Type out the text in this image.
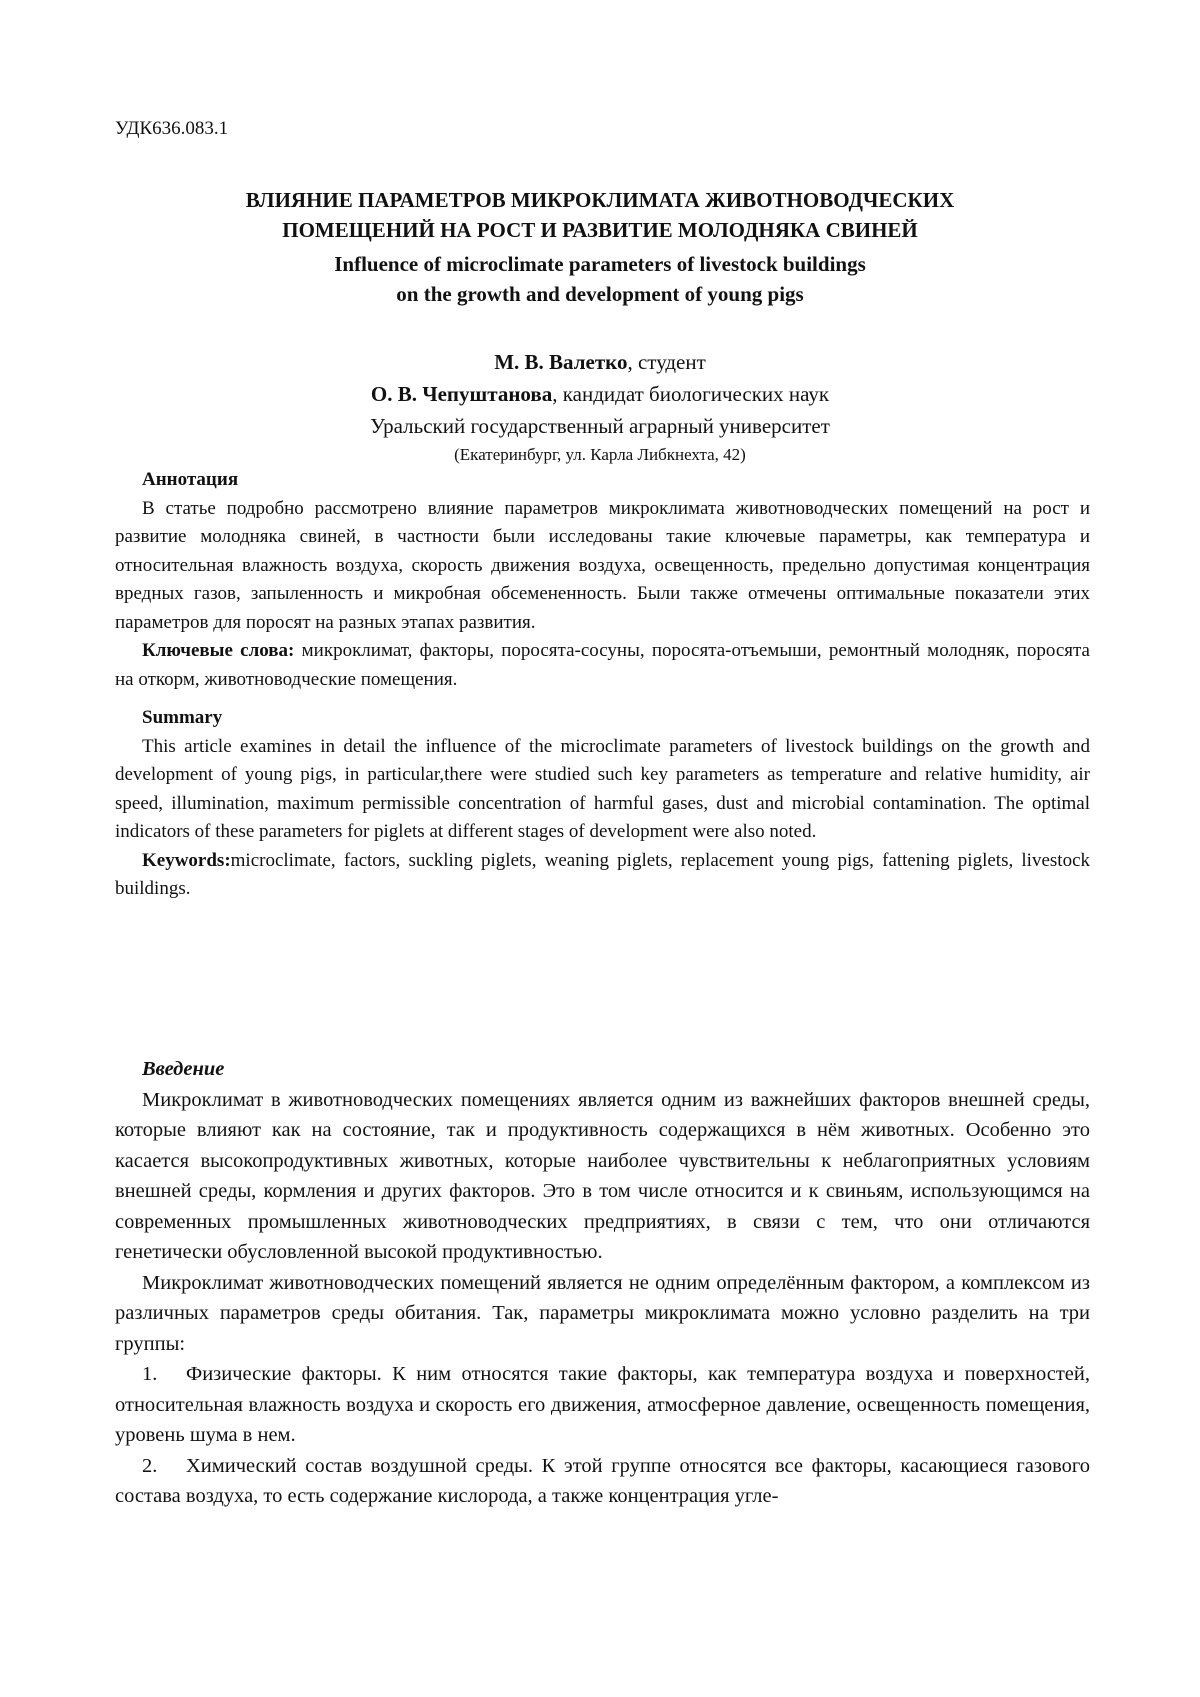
УДК636.083.1
ВЛИЯНИЕ ПАРАМЕТРОВ МИКРОКЛИМАТА ЖИВОТНОВОДЧЕСКИХ
ПОМЕЩЕНИЙ НА РОСТ И РАЗВИТИЕ МОЛОДНЯКА СВИНЕЙ
Influence of microclimate parameters of livestock buildings
on the growth and development of young pigs
М. В. Валетко, студент
О. В. Чепуштанова, кандидат биологических наук
Уральский государственный аграрный университет
(Екатеринбург, ул. Карла Либкнехта, 42)

Аннотация

В статье подробно рассмотрено влияние параметров микроклимата животноводческих помещений на рост и развитие молодняка свиней, в частности были исследованы такие ключевые параметры, как температура и относительная влажность воздуха, скорость движения воздуха, освещенность, предельно допустимая концентрация вредных газов, запыленность и микробная обсемененность. Были также отмечены оптимальные показатели этих параметров для поросят на разных этапах развития.

Ключевые слова: микроклимат, факторы, поросята-сосуны, поросята-отъемыши, ремонтный молодняк, поросята на откорм, животноводческие помещения.

Summary

This article examines in detail the influence of the microclimate parameters of livestock buildings on the growth and development of young pigs, in particular,there were studied such key parameters as temperature and relative humidity, air speed, illumination, maximum permissible concentration of harmful gases, dust and microbial contamination. The optimal indicators of these parameters for piglets at different stages of development were also noted.

Keywords:microclimate, factors, suckling piglets, weaning piglets, replacement young pigs, fattening piglets, livestock buildings.

Введение

Микроклимат в животноводческих помещениях является одним из важнейших факторов внешней среды, которые влияют как на состояние, так и продуктивность содержащихся в нём животных. Особенно это касается высокопродуктивных животных, которые наиболее чувствительны к неблагоприятных условиям внешней среды, кормления и других факторов. Это в том числе относится и к свиньям, использующимся на современных промышленных животноводческих предприятиях, в связи с тем, что они отличаются генетически обусловленной высокой продуктивностью.

Микроклимат животноводческих помещений является не одним определённым фактором, а комплексом из различных параметров среды обитания. Так, параметры микроклимата можно условно разделить на три группы:

1. Физические факторы. К ним относятся такие факторы, как температура воздуха и поверхностей, относительная влажность воздуха и скорость его движения, атмосферное давление, освещенность помещения, уровень шума в нем.

2. Химический состав воздушной среды. К этой группе относятся все факторы, касающиеся газового состава воздуха, то есть содержание кислорода, а также концентрация угле-
